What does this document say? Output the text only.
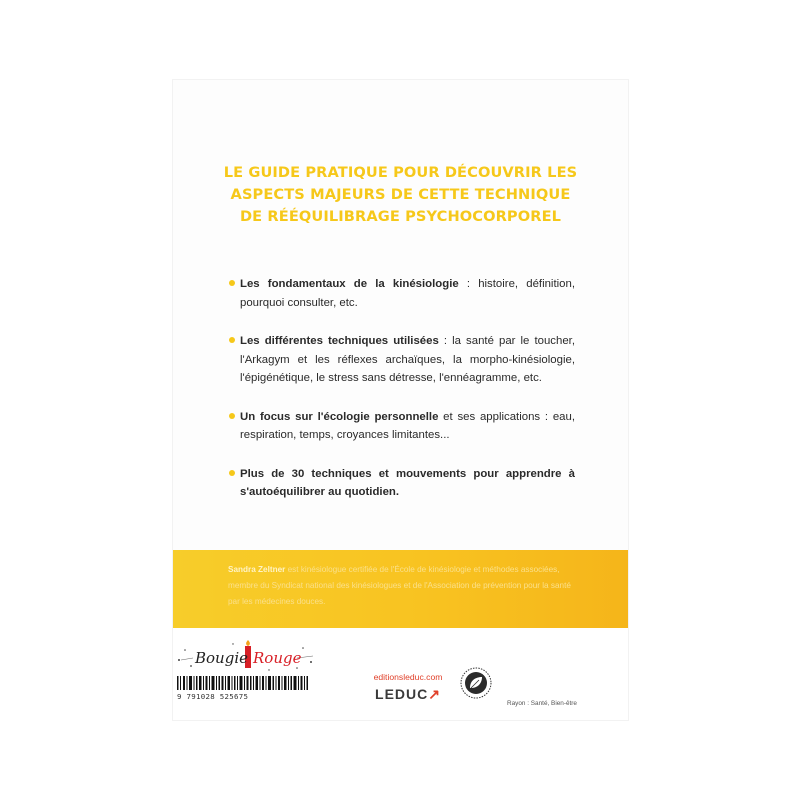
LE GUIDE PRATIQUE POUR DÉCOUVRIR LES
ASPECTS MAJEURS DE CETTE TECHNIQUE
DE RÉÉQUILIBRAGE PSYCHOCORPOREL
Les fondamentaux de la kinésiologie : histoire, définition, pourquoi consulter, etc.
Les différentes techniques utilisées : la santé par le toucher, l'Arkagym et les réflexes archaïques, la morpho-kinésiologie, l'épigénétique, le stress sans détresse, l'ennéagramme, etc.
Un focus sur l'écologie personnelle et ses applications : eau, respiration, temps, croyances limitantes...
Plus de 30 techniques et mouvements pour apprendre à s'autoéquilibrer au quotidien.
Sandra Zeltner est kinésiologue certifiée de l'École de kinésiologie et méthodes associées, membre du Syndicat national des kinésiologues et de l'Association de prévention pour la santé par les médecines douces.
9 791028 525675
editionsleduc.com
LEDUC↗
Rayon : Santé, Bien-être
Bougie Rouge
